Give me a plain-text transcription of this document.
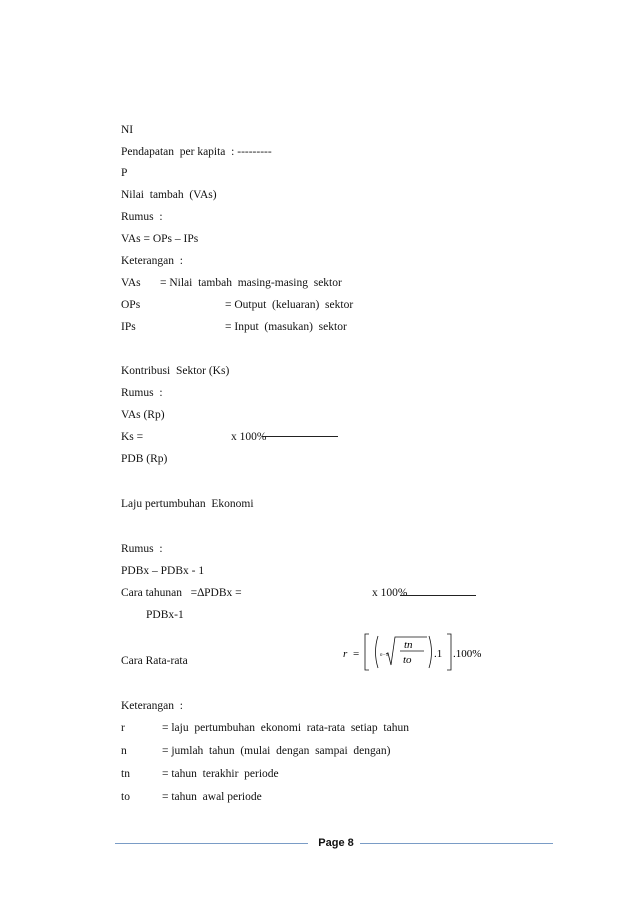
NI
Pendapatan  per kapita  : ---------
P
Nilai  tambah  (VAs)
Rumus  :
VAs = OPs – IPs
Keterangan  :
VAs = Nilai  tambah  masing-masing  sektor
OPs	= Output  (keluaran)  sektor
IPs	= Input  (masukan)  sektor
Kontribusi  Sektor (Ks)
Rumus  :
VAs (Rp)
Ks =	x 100%
PDB (Rp)
Laju pertumbuhan  Ekonomi
Rumus  :
PDBx – PDBx - 1
Cara tahunan   =∆PDBx =	x 100%
PDBx-1
Cara Rata-rata
r =	n−1
tn
to .1 .100%
Keterangan  :
r	= laju  pertumbuhan  ekonomi  rata-rata  setiap  tahun
n	= jumlah  tahun  (mulai  dengan  sampai  dengan)
tn	= tahun  terakhir  periode
to	= tahun  awal periode
Page 8
